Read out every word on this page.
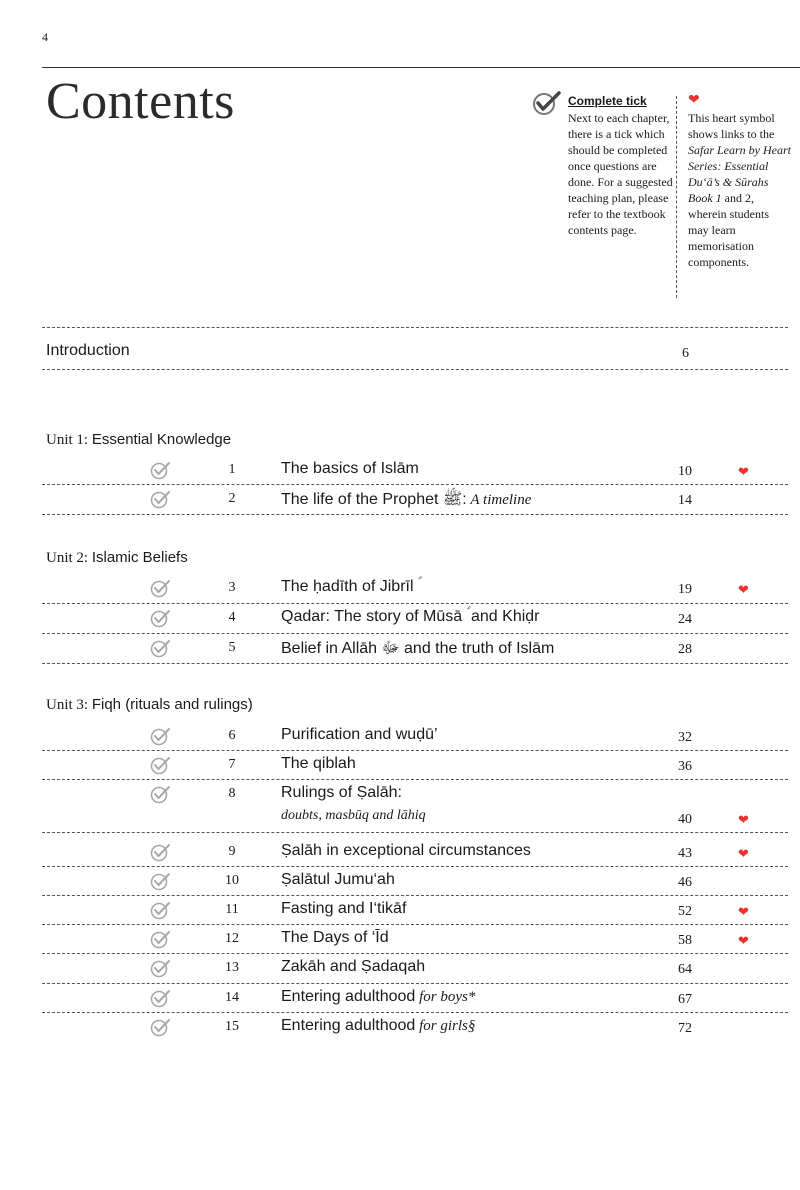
4
Contents	Complete tick
Next to each chapter, there is a tick which should be completed once questions are done. For a suggested teaching plan, please refer to the textbook contents page.
❤
This heart symbol shows links to the Safar Learn by Heart Series: Essential Du‘ā’s & Sūrahs Book 1 and 2, wherein students may learn memorisation components.
Introduction	6
Unit 1: Essential Knowledge
Unit 2: Islamic Beliefs
Unit 3: Fiqh (rituals and rulings)
1	The basics of Islām	10	❤
2	The life of the Prophet ﷺ: A timeline	14
3	The ḥadīth of Jibrīl ؑ	19	❤
4	Qadar: The story of Mūsā ؑ and Khiḍr	24
5	Belief in Allāh ﷻ and the truth of Islām	28
6	Purification and wuḍū’	32
7	The qiblah	36
8	Rulings of Ṣalāh:
doubts, masbūq and lāhiq	40	❤
9	Ṣalāh in exceptional circumstances	43	❤
10	Ṣalātul Jumu‘ah	46
11	Fasting and I‘tikāf	52	❤
12	The Days of ‘Īd	58	❤
13	Zakāh and Ṣadaqah	64
14	Entering adulthood for boys*	67
15	Entering adulthood for girls§	72
